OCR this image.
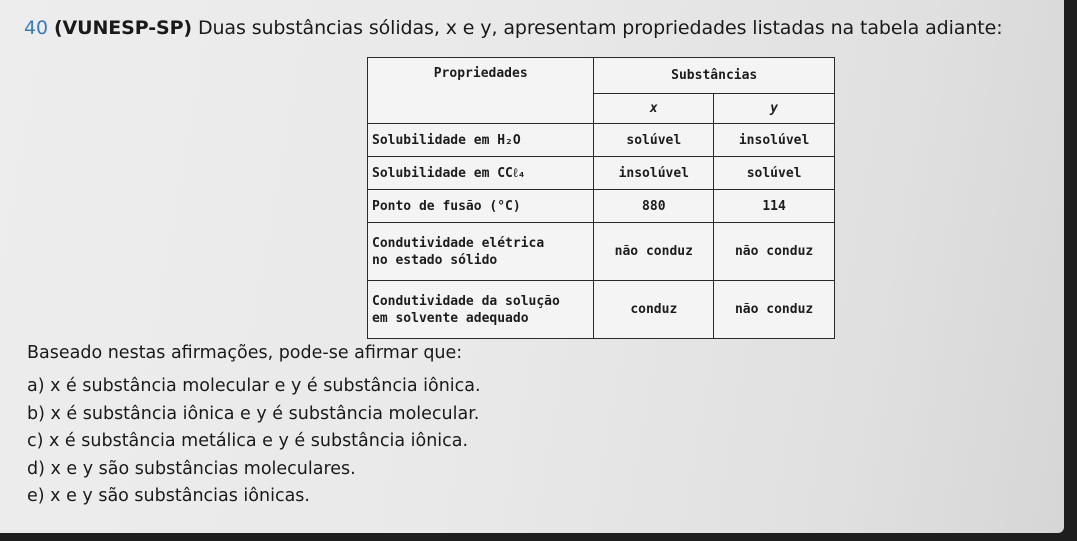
40 (VUNESP-SP) Duas substâncias sólidas, x e y, apresentam propriedades listadas na tabela adiante:
Propriedades	Substâncias	
	x	y
Solubilidade em H₂O	solúvel	insolúvel
Solubilidade em CCℓ₄	insolúvel	solúvel
Ponto de fusão (°C)	880	114
Condutividade elétrica
no estado sólido	não conduz	não conduz
Condutividade da solução
em solvente adequado	conduz	não conduz
Baseado nestas afirmações, pode-se afirmar que:
a) x é substância molecular e y é substância iônica.
b) x é substância iônica e y é substância molecular.
c) x é substância metálica e y é substância iônica.
d) x e y são substâncias moleculares.
e) x e y são substâncias iônicas.
